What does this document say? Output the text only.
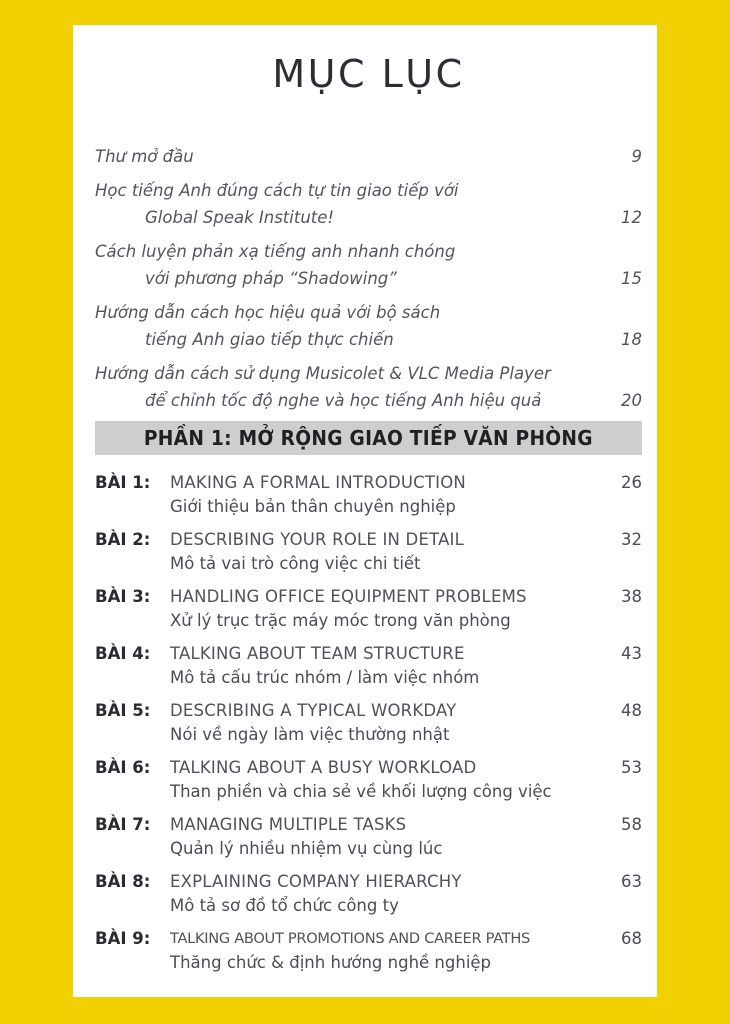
MỤC LỤC
Thư mở đầu	9
Học tiếng Anh đúng cách tự tin giao tiếp với
Global Speak Institute!	12
Cách luyện phản xạ tiếng anh nhanh chóng
với phương pháp “Shadowing”	15
Hướng dẫn cách học hiệu quả với bộ sách
tiếng Anh giao tiếp thực chiến	18
Hướng dẫn cách sử dụng Musicolet & VLC Media Player
để chỉnh tốc độ nghe và học tiếng Anh hiệu quả	20
PHẦN 1: MỞ RỘNG GIAO TIẾP VĂN PHÒNG
BÀI 1:	MAKING A FORMAL INTRODUCTION	26
Giới thiệu bản thân chuyên nghiệp
BÀI 2:	DESCRIBING YOUR ROLE IN DETAIL	32
Mô tả vai trò công việc chi tiết
BÀI 3:	HANDLING OFFICE EQUIPMENT PROBLEMS	38
Xử lý trục trặc máy móc trong văn phòng
BÀI 4:	TALKING ABOUT TEAM STRUCTURE	43
Mô tả cấu trúc nhóm / làm việc nhóm
BÀI 5:	DESCRIBING A TYPICAL WORKDAY	48
Nói về ngày làm việc thường nhật
BÀI 6:	TALKING ABOUT A BUSY WORKLOAD	53
Than phiền và chia sẻ về khối lượng công việc
BÀI 7:	MANAGING MULTIPLE TASKS	58
Quản lý nhiều nhiệm vụ cùng lúc
BÀI 8:	EXPLAINING COMPANY HIERARCHY	63
Mô tả sơ đồ tổ chức công ty
BÀI 9:	TALKING ABOUT PROMOTIONS AND CAREER PATHS	68
Thăng chức & định hướng nghề nghiệp
